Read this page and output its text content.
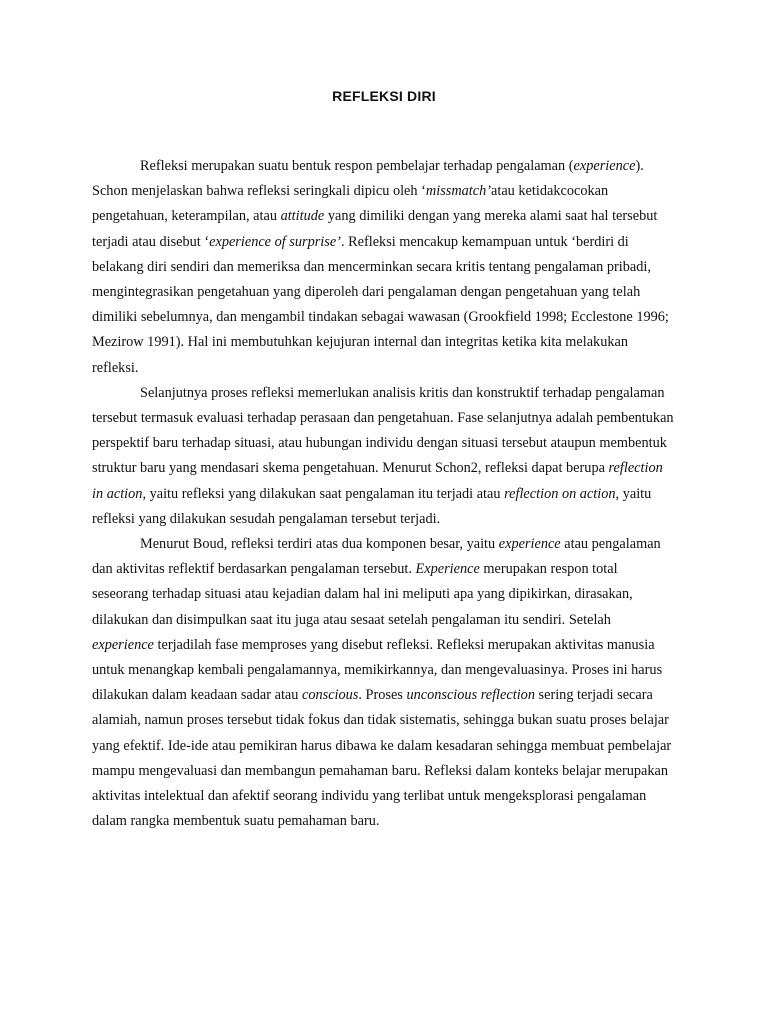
REFLEKSI DIRI

Refleksi merupakan suatu bentuk respon pembelajar terhadap pengalaman (experience). Schon menjelaskan bahwa refleksi seringkali dipicu oleh ‘missmatch’atau ketidakcocokan pengetahuan, keterampilan, atau attitude yang dimiliki dengan yang mereka alami saat hal tersebut terjadi atau disebut ‘experience of surprise’. Refleksi mencakup kemampuan untuk ‘berdiri di belakang diri sendiri dan memeriksa dan mencerminkan secara kritis tentang pengalaman pribadi, mengintegrasikan pengetahuan yang diperoleh dari pengalaman dengan pengetahuan yang telah dimiliki sebelumnya, dan mengambil tindakan sebagai wawasan (Grookfield 1998; Ecclestone 1996; Mezirow 1991). Hal ini membutuhkan kejujuran internal dan integritas ketika kita melakukan refleksi.

Selanjutnya proses refleksi memerlukan analisis kritis dan konstruktif terhadap pengalaman tersebut termasuk evaluasi terhadap perasaan dan pengetahuan. Fase selanjutnya adalah pembentukan perspektif baru terhadap situasi, atau hubungan individu dengan situasi tersebut ataupun membentuk struktur baru yang mendasari skema pengetahuan. Menurut Schon2, refleksi dapat berupa reflection in action, yaitu refleksi yang dilakukan saat pengalaman itu terjadi atau reflection on action, yaitu refleksi yang dilakukan sesudah pengalaman tersebut terjadi.

Menurut Boud, refleksi terdiri atas dua komponen besar, yaitu experience atau pengalaman dan aktivitas reflektif berdasarkan pengalaman tersebut. Experience merupakan respon total seseorang terhadap situasi atau kejadian dalam hal ini meliputi apa yang dipikirkan, dirasakan, dilakukan dan disimpulkan saat itu juga atau sesaat setelah pengalaman itu sendiri. Setelah experience terjadilah fase memproses yang disebut refleksi. Refleksi merupakan aktivitas manusia untuk menangkap kembali pengalamannya, memikirkannya, dan mengevaluasinya. Proses ini harus dilakukan dalam keadaan sadar atau conscious. Proses unconscious reflection sering terjadi secara alamiah, namun proses tersebut tidak fokus dan tidak sistematis, sehingga bukan suatu proses belajar yang efektif. Ide-ide atau pemikiran harus dibawa ke dalam kesadaran sehingga membuat pembelajar mampu mengevaluasi dan membangun pemahaman baru. Refleksi dalam konteks belajar merupakan aktivitas intelektual dan afektif seorang individu yang terlibat untuk mengeksplorasi pengalaman dalam rangka membentuk suatu pemahaman baru.
